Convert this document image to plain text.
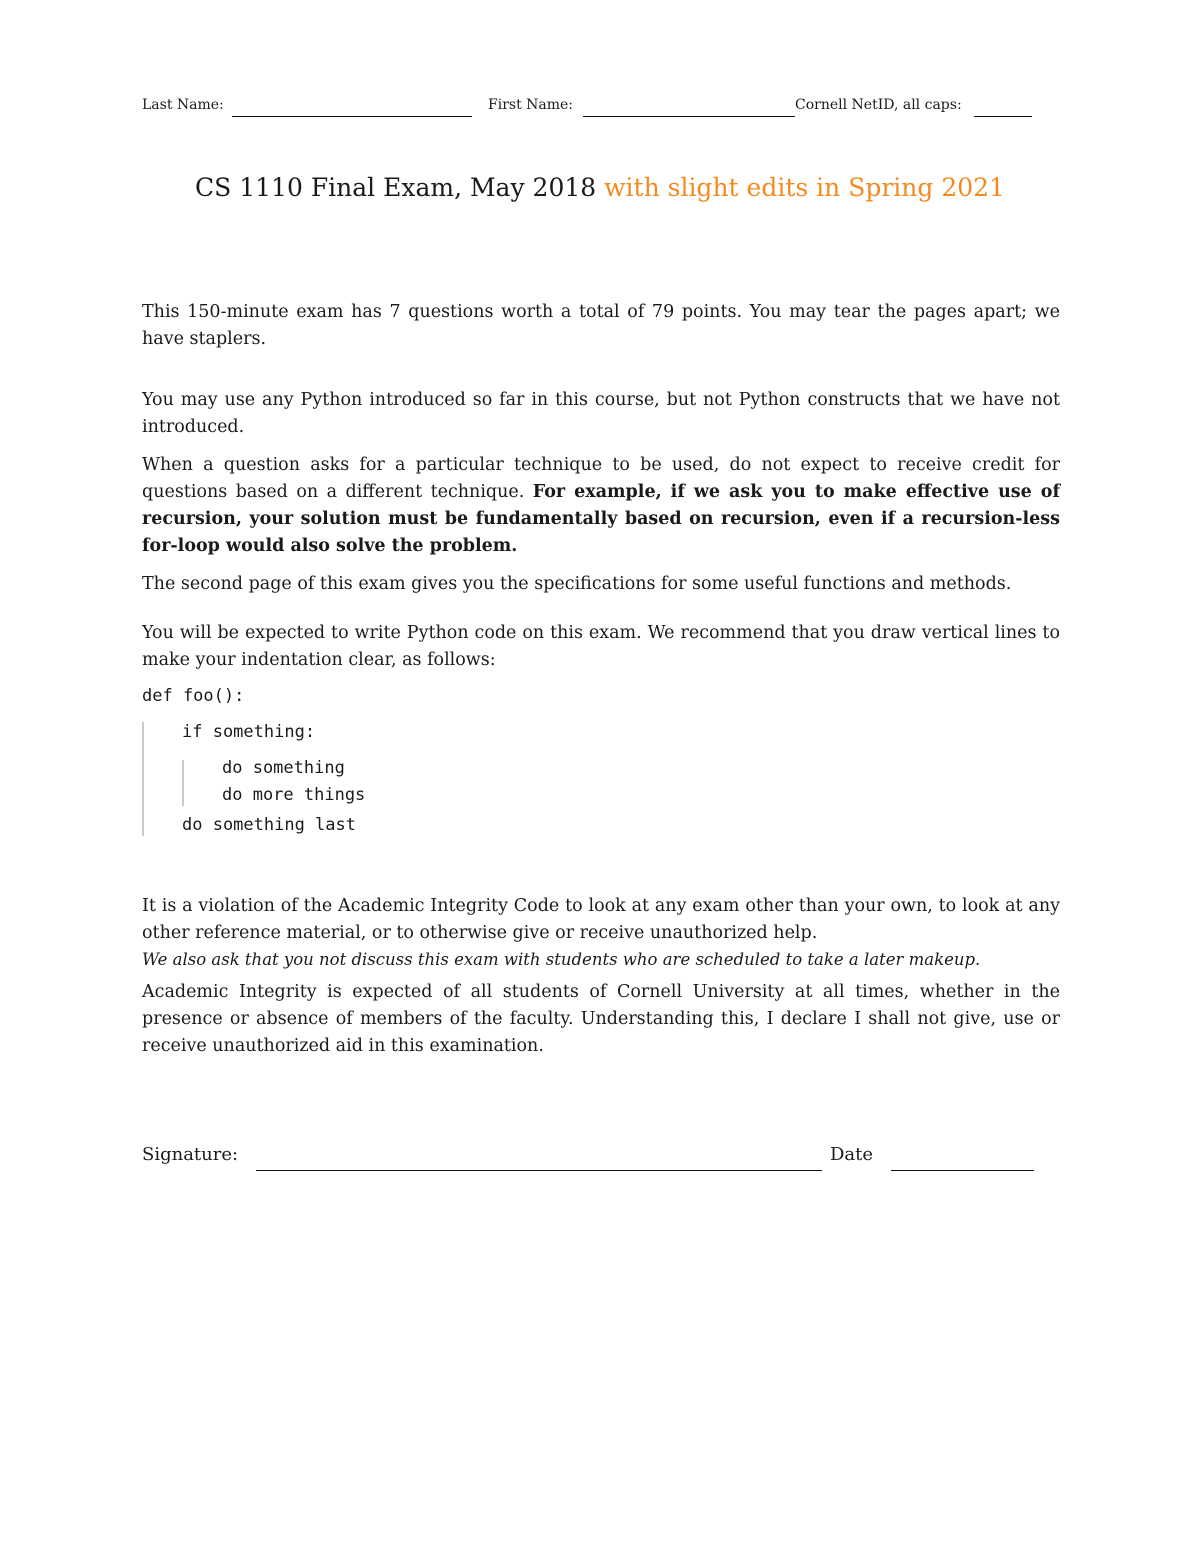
Last Name:	First Name:	Cornell NetID, all caps:
CS 1110 Final Exam, May 2018 with slight edits in Spring 2021
This 150-minute exam has 7 questions worth a total of 79 points. You may tear the pages apart; we have staplers.
You may use any Python introduced so far in this course, but not Python constructs that we have not introduced.
When a question asks for a particular technique to be used, do not expect to receive credit for questions based on a different technique. For example, if we ask you to make effective use of recursion, your solution must be fundamentally based on recursion, even if a recursion-less for-loop would also solve the problem.
The second page of this exam gives you the specifications for some useful functions and methods.
You will be expected to write Python code on this exam. We recommend that you draw vertical lines to make your indentation clear, as follows:
def foo():
if something:
do something
do more things
do something last
It is a violation of the Academic Integrity Code to look at any exam other than your own, to look at any other reference material, or to otherwise give or receive unauthorized help.
We also ask that you not discuss this exam with students who are scheduled to take a later makeup.
Academic Integrity is expected of all students of Cornell University at all times, whether in the presence or absence of members of the faculty. Understanding this, I declare I shall not give, use or receive unauthorized aid in this examination.
Signature:	Date
